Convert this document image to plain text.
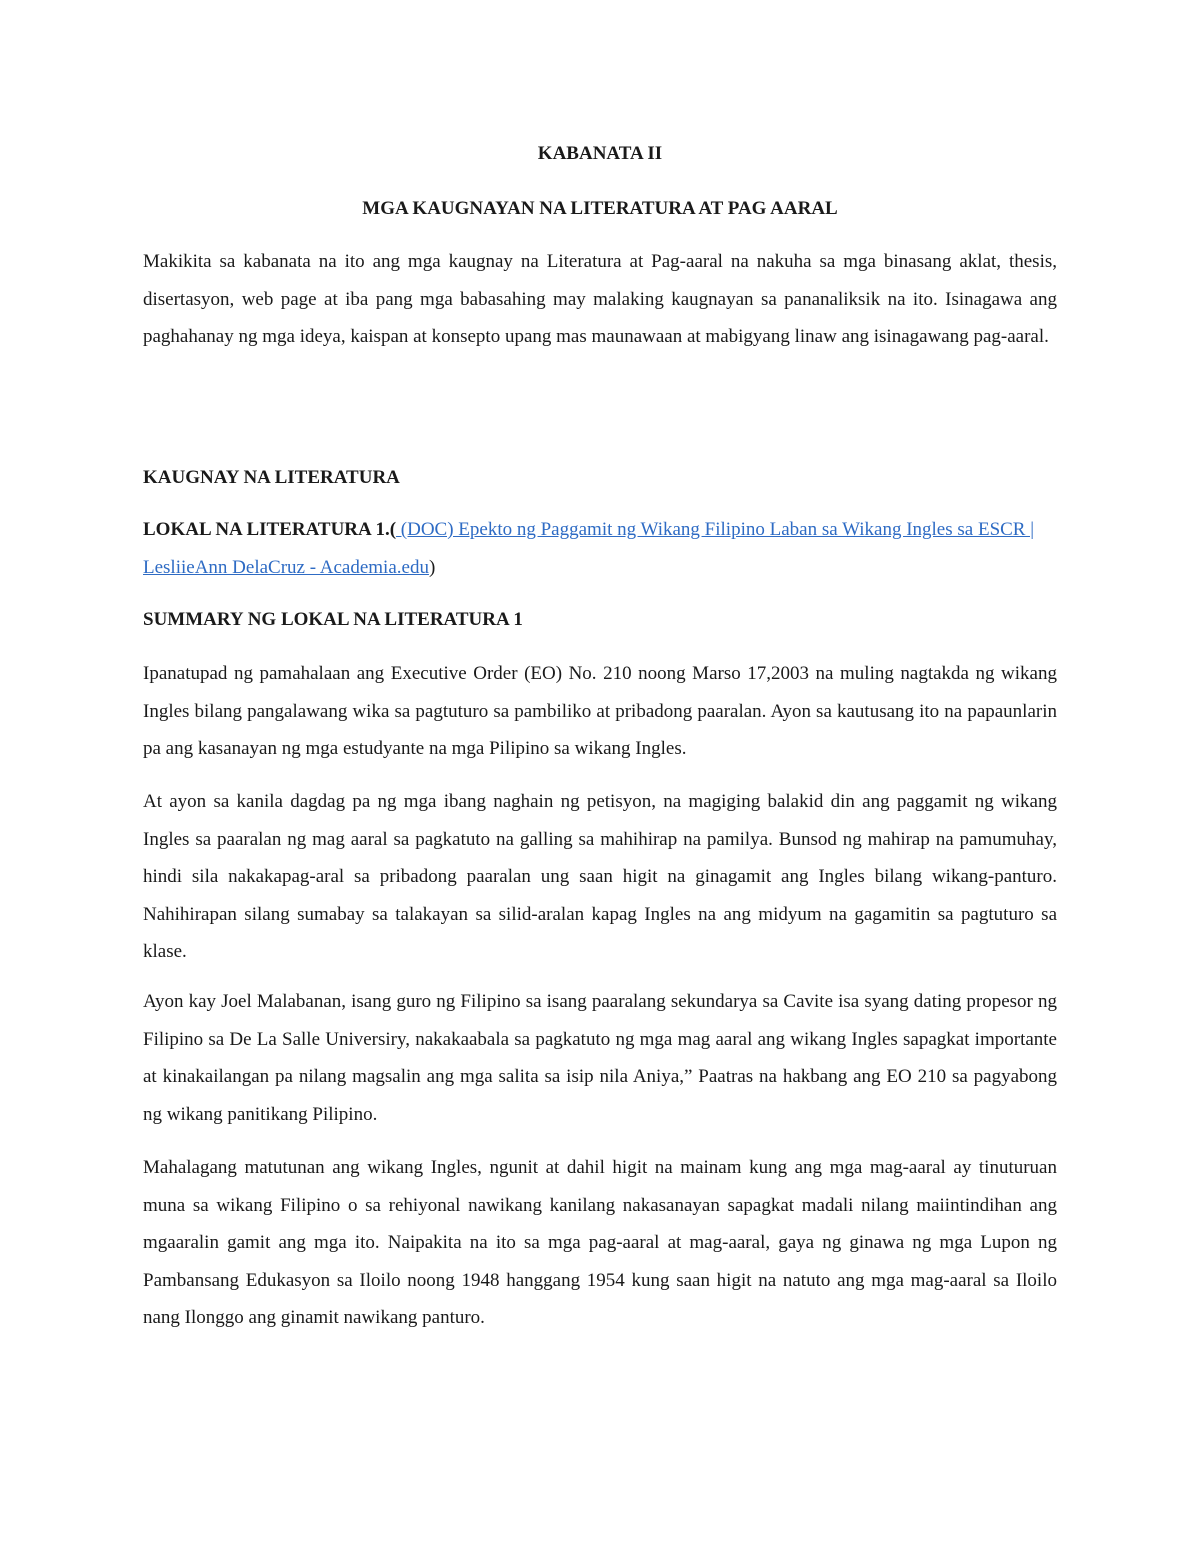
KABANATA II
MGA KAUGNAYAN NA LITERATURA AT PAG AARAL

Makikita sa kabanata na ito ang mga kaugnay na Literatura at Pag-aaral na nakuha sa mga binasang aklat, thesis, disertasyon, web page at iba pang mga babasahing may malaking kaugnayan sa pananaliksik na ito. Isinagawa ang paghahanay ng mga ideya, kaispan at konsepto upang mas maunawaan at mabigyang linaw ang isinagawang pag-aaral.

KAUGNAY NA LITERATURA

LOKAL NA LITERATURA 1.( (DOC) Epekto ng Paggamit ng Wikang Filipino Laban sa Wikang Ingles sa ESCR | LesliieAnn DelaCruz - Academia.edu)

SUMMARY NG LOKAL NA LITERATURA 1

Ipanatupad ng pamahalaan ang Executive Order (EO) No. 210 noong Marso 17,2003 na muling nagtakda ng wikang Ingles bilang pangalawang wika sa pagtuturo sa pambiliko at pribadong paaralan. Ayon sa kautusang ito na papaunlarin pa ang kasanayan ng mga estudyante na mga Pilipino sa wikang Ingles.

At ayon sa kanila dagdag pa ng mga ibang naghain ng petisyon, na magiging balakid din ang paggamit ng wikang Ingles sa paaralan ng mag aaral sa pagkatuto na galling sa mahihirap na pamilya. Bunsod ng mahirap na pamumuhay, hindi sila nakakapag-aral sa pribadong paaralan ung saan higit na ginagamit ang Ingles bilang wikang-panturo. Nahihirapan silang sumabay sa talakayan sa silid-aralan kapag Ingles na ang midyum na gagamitin sa pagtuturo sa klase.

Ayon kay Joel Malabanan, isang guro ng Filipino sa isang paaralang sekundarya sa Cavite isa syang dating propesor ng Filipino sa De La Salle Universiry, nakakaabala sa pagkatuto ng mga mag aaral ang wikang Ingles sapagkat importante at kinakailangan pa nilang magsalin ang mga salita sa isip nila Aniya,” Paatras na hakbang ang EO 210 sa pagyabong ng wikang panitikang Pilipino.

Mahalagang matutunan ang wikang Ingles, ngunit at dahil higit na mainam kung ang mga mag-aaral ay tinuturuan muna sa wikang Filipino o sa rehiyonal nawikang kanilang nakasanayan sapagkat madali nilang maiintindihan ang mgaaralin gamit ang mga ito. Naipakita na ito sa mga pag-aaral at mag-aaral, gaya ng ginawa ng mga Lupon ng Pambansang Edukasyon sa Iloilo noong 1948 hanggang 1954 kung saan higit na natuto ang mga mag-aaral sa Iloilo nang Ilonggo ang ginamit nawikang panturo.
